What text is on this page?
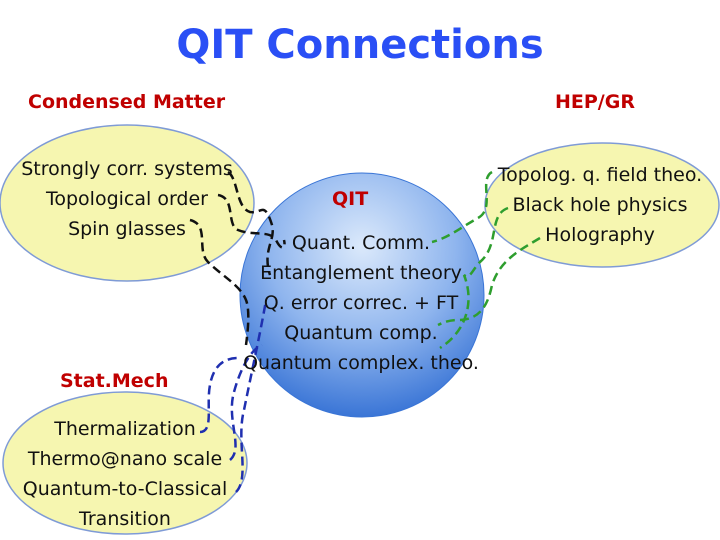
QIT Connections
Condensed Matter	HEP/GR
Stat.Mech
QIT
Strongly corr. systems
Topological order
Spin glasses
Topolog. q. field theo.
Black hole physics
Holography
Thermalization
Thermo@nano scale
Quantum-to-Classical
Transition
Quant. Comm.
Entanglement theory
Q. error correc. + FT
Quantum comp.
Quantum complex. theo.
